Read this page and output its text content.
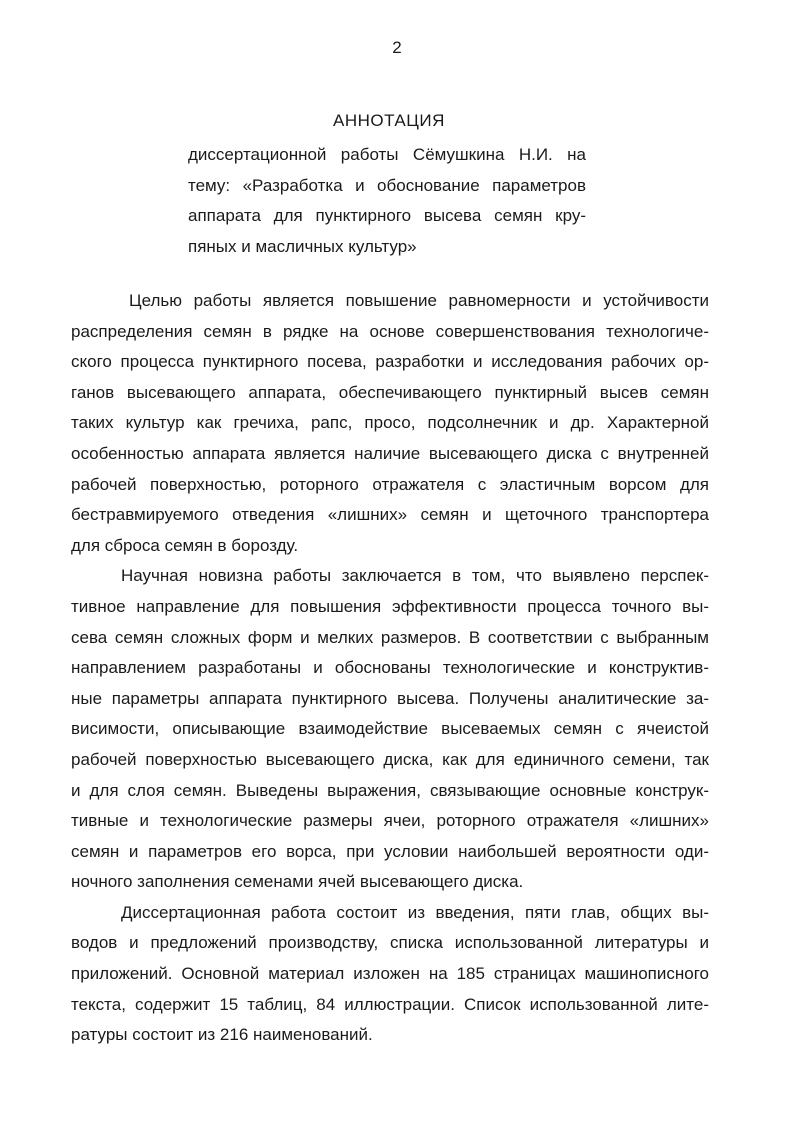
2
АННОТАЦИЯ
диссертационной работы Сёмушкина Н.И. на
тему: «Разработка и обоснование параметров
аппарата для пунктирного высева семян кру-
пяных и масличных культур»
Целью работы является повышение равномерности и устойчивости
распределения семян в рядке на основе совершенствования технологиче-
ского процесса пунктирного посева, разработки и исследования рабочих ор-
ганов высевающего аппарата, обеспечивающего пунктирный высев семян
таких культур как гречиха, рапс, просо, подсолнечник и др. Характерной
особенностью аппарата является наличие высевающего диска с внутренней
рабочей поверхностью, роторного отражателя с эластичным ворсом для
бестравмируемого отведения «лишних» семян и щеточного транспортера
для сброса семян в борозду.
Научная новизна работы заключается в том, что выявлено перспек-
тивное направление для повышения эффективности процесса точного вы-
сева семян сложных форм и мелких размеров. В соответствии с выбранным
направлением разработаны и обоснованы технологические и конструктив-
ные параметры аппарата пунктирного высева. Получены аналитические за-
висимости, описывающие взаимодействие высеваемых семян с ячеистой
рабочей поверхностью высевающего диска, как для единичного семени, так
и для слоя семян. Выведены выражения, связывающие основные конструк-
тивные и технологические размеры ячеи, роторного отражателя «лишних»
семян и параметров его ворса, при условии наибольшей вероятности оди-
ночного заполнения семенами ячей высевающего диска.
Диссертационная работа состоит из введения, пяти глав, общих вы-
водов и предложений производству, списка использованной литературы и
приложений. Основной материал изложен на 185 страницах машинописного
текста, содержит 15 таблиц, 84 иллюстрации. Список использованной лите-
ратуры состоит из 216 наименований.
